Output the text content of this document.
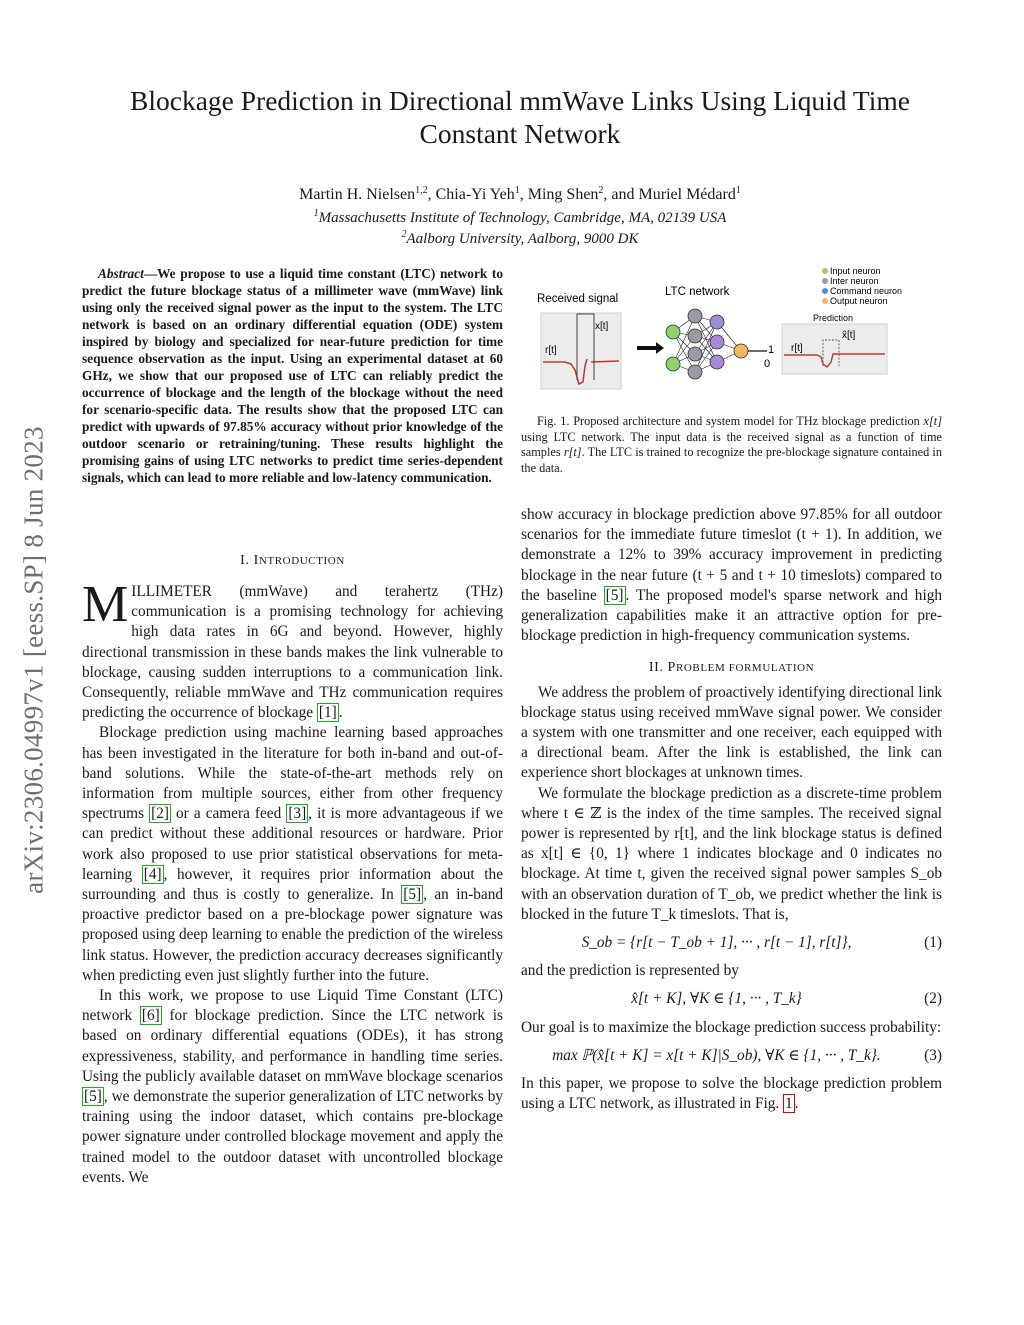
arXiv:2306.04997v1 [eess.SP] 8 Jun 2023
Blockage Prediction in Directional mmWave Links Using Liquid Time
Constant Network
Martin H. Nielsen$^{1,2}$, Chia-Yi Yeh$^1$, Ming Shen$^2$, and Muriel Médard$^1$
$^1$Massachusetts Institute of Technology, Cambridge, MA, 02139 USA
$^2$Aalborg University, Aalborg, 9000 DK
Abstract—We propose to use a liquid time constant (LTC) network to predict the future blockage status of a millimeter wave (mmWave) link using only the received signal power as the input to the system. The LTC network is based on an ordinary differential equation (ODE) system inspired by biology and specialized for near-future prediction for time sequence observation as the input. Using an experimental dataset at 60 GHz, we show that our proposed use of LTC can reliably predict the occurrence of blockage and the length of the blockage without the need for scenario-specific data. The results show that the proposed LTC can predict with upwards of 97.85% accuracy without prior knowledge of the outdoor scenario or retraining/tuning. These results highlight the promising gains of using LTC networks to predict time series-dependent signals, which can lead to more reliable and low-latency communication.
I. INTRODUCTION

MILLIMETER (mmWave) and terahertz (THz) communication is a promising technology for achieving high data rates in 6G and beyond. However, highly directional transmission in these bands makes the link vulnerable to blockage, causing sudden interruptions to a communication link. Consequently, reliable mmWave and THz communication requires predicting the occurrence of blockage [1] .

Blockage prediction using machine learning based approaches has been investigated in the literature for both in-band and out-of-band solutions. While the state-of-the-art methods rely on information from multiple sources, either from other frequency spectrums [2] or a camera feed [3] , it is more advantageous if we can predict without these additional resources or hardware. Prior work also proposed to use prior statistical observations for meta-learning [4] , however, it requires prior information about the surrounding and thus is costly to generalize. In [5] , an in-band proactive predictor based on a pre-blockage power signature was proposed using deep learning to enable the prediction of the wireless link status. However, the prediction accuracy decreases significantly when predicting even just slightly further into the future.

In this work, we propose to use Liquid Time Constant (LTC) network [6] for blockage prediction. Since the LTC network is based on ordinary differential equations (ODEs), it has strong expressiveness, stability, and performance in handling time series. Using the publicly available dataset on mmWave blockage scenarios [5] , we demonstrate the superior generalization of LTC networks by training using the indoor dataset, which contains pre-blockage power signature under controlled blockage movement and apply the trained model to the outdoor dataset with uncontrolled blockage events. We

Input neuron
Inter neuron
Command neuron
Output neuron
Received signal
LTC network
Prediction
r[t]
x[t]
1
0
r[t]
x̂[t]
Fig. 1. Proposed architecture and system model for THz blockage prediction x[t] using LTC network. The input data is the received signal as a function of time samples r[t]. The LTC is trained to recognize the pre-blockage signature contained in the data.

show accuracy in blockage prediction above 97.85% for all outdoor scenarios for the immediate future timeslot (t + 1). In addition, we demonstrate a 12% to 39% accuracy improvement in predicting blockage in the near future (t + 5 and t + 10 timeslots) compared to the baseline [5] . The proposed model's sparse network and high generalization capabilities make it an attractive option for pre-blockage prediction in high-frequency communication systems.

II. PROBLEM FORMULATION

We address the problem of proactively identifying directional link blockage status using received mmWave signal power. We consider a system with one transmitter and one receiver, each equipped with a directional beam. After the link is established, the link can experience short blockages at unknown times.

We formulate the blockage prediction as a discrete-time problem where t ∈ ℤ is the index of the time samples. The received signal power is represented by r[t], and the link blockage status is defined as x[t] ∈ {0, 1} where 1 indicates blockage and 0 indicates no blockage. At time t, given the received signal power samples S_ob with an observation duration of T_ob, we predict whether the link is blocked in the future T_k timeslots. That is,

S_ob = {r[t − T_ob + 1], ··· , r[t − 1], r[t]},	(1)

and the prediction is represented by

x̂[t + K], ∀K ∈ {1, ··· , T_k}	(2)

Our goal is to maximize the blockage prediction success probability:

max ℙ(x̂[t + K] = x[t + K]|S_ob), ∀K ∈ {1, ··· , T_k}.	(3)

In this paper, we propose to solve the blockage prediction problem using a LTC network, as illustrated in Fig. 1 .
